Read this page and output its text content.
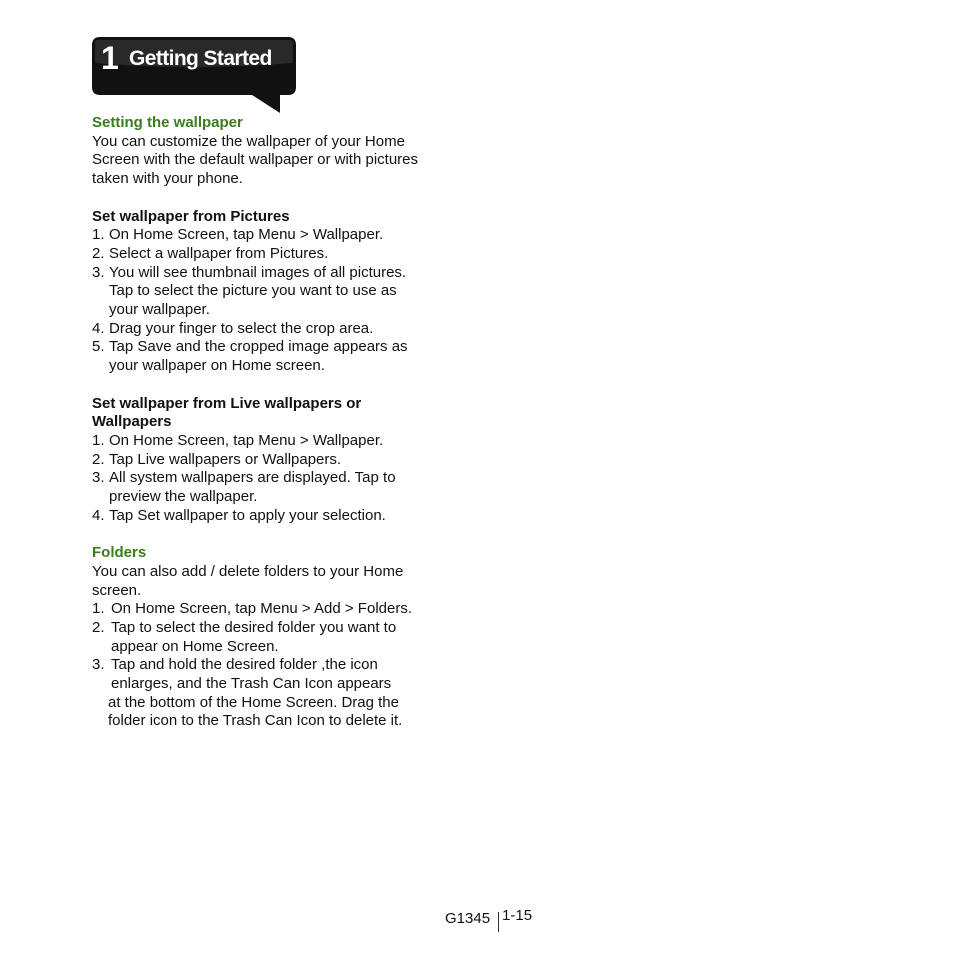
1 Getting Started

Setting the wallpaper

You can customize the wallpaper of your Home

Screen with the default wallpaper or with pictures

taken with your phone.

Set wallpaper from Pictures

1. On Home Screen, tap Menu > Wallpaper.
2. Select a wallpaper from Pictures.
3. You will see thumbnail images of all pictures.
Tap to select the picture you want to use as
your wallpaper.
4. Drag your finger to select the crop area.
5. Tap Save and the cropped image appears as
your wallpaper on Home screen.

Set wallpaper from Live wallpapers or

Wallpapers

1. On Home Screen, tap Menu > Wallpaper.
2. Tap Live wallpapers or Wallpapers.
3. All system wallpapers are displayed. Tap to
preview the wallpaper.
4. Tap Set wallpaper to apply your selection.

Folders

You can also add / delete folders to your Home

screen.

1. On Home Screen, tap Menu > Add > Folders.
2. Tap to select the desired folder you want to
appear on Home Screen.
3. Tap and hold the desired folder ,the icon
enlarges, and the Trash Can Icon appears
at the bottom of the Home Screen. Drag the
folder icon to the Trash Can Icon to delete it.
G1345 1-15
